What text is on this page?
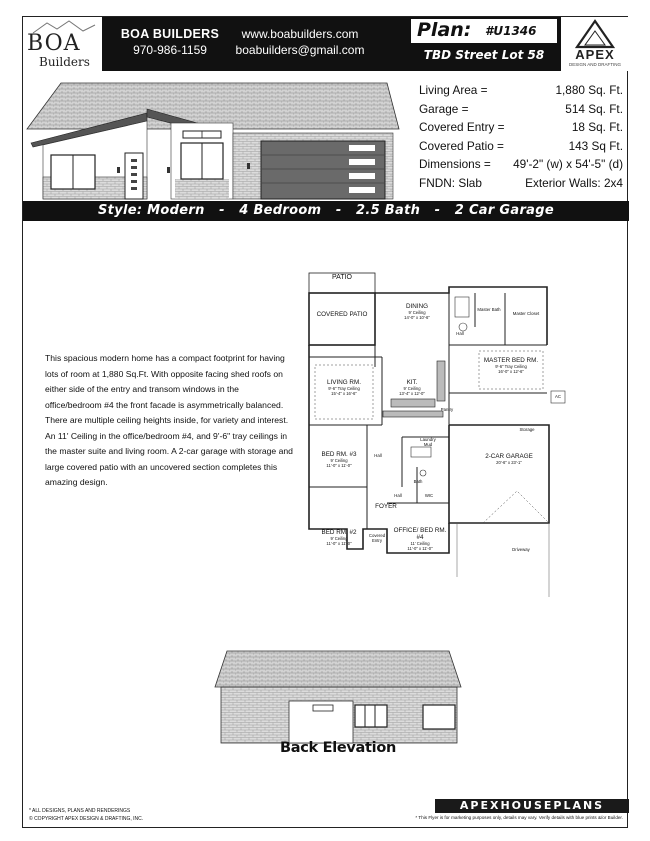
BOA
Builders
BOA BUILDERS
970-986-1159
www.boabuilders.com
boabuilders@gmail.com
Plan: #U1346
TBD Street Lot 58	APEX
DESIGN AND DRAFTING
Living Area =	1,880 Sq. Ft.
Garage =	514 Sq. Ft.
Covered Entry =	18 Sq. Ft.
Covered Patio =	143 Sq Ft.
Dimensions = 49'-2" (w) x 54'-5" (d)
FNDN: Slab	Exterior Walls: 2x4
Style: Modern   -   4 Bedroom   -   2.5 Bath   -   2 Car Garage
This spacious modern home has a compact footprint for having lots of room at 1,880 Sq.Ft. With opposite facing shed roofs on either side of the entry and transom windows in the office/bedroom #4 the front facade is asymmetrically balanced. There are multiple ceiling heights inside, for variety and interest. An 11' Ceiling in the office/bedroom #4, and 9'-6" tray ceilings in the master suite and living room. A 2-car garage with storage and large covered patio with an uncovered section completes this amazing design.
PATIO
COVERED PATIO
DINING
9' Ceiling
14'-0" x 10'-6"
Master Bath
Master Closet
Hall
LIVING RM.
9'-6" Tray Ceiling
15'-4" x 16'-6"
KIT.
9' Ceiling
13'-4" x 12'-0"
MASTER BED RM.
9'-6" Tray Ceiling
16'-0" x 12'-6"
Pantry
Storage
AC
Laundry
Mud
BED RM. #3
9' Ceiling
11'-0" x 11'-0"
Hall
Bath
2-CAR GARAGE
20'-6" x 23'-1"
Hall	WIC
FOYER
BED RM. #2
9' Ceiling
11'-0" x 11'-0"
Covered Entry
OFFICE/ BED RM. #4
11' Ceiling
11'-0" x 11'-0"	Driveway
Back Elevation
* ALL DESIGNS, PLANS AND RENDERINGS
© COPYRIGHT APEX DESIGN & DRAFTING, INC.
APEXHOUSEPLANS
* This Flyer is for marketing purposes only, details may vary. Verify details with blue prints &/or Builder.
